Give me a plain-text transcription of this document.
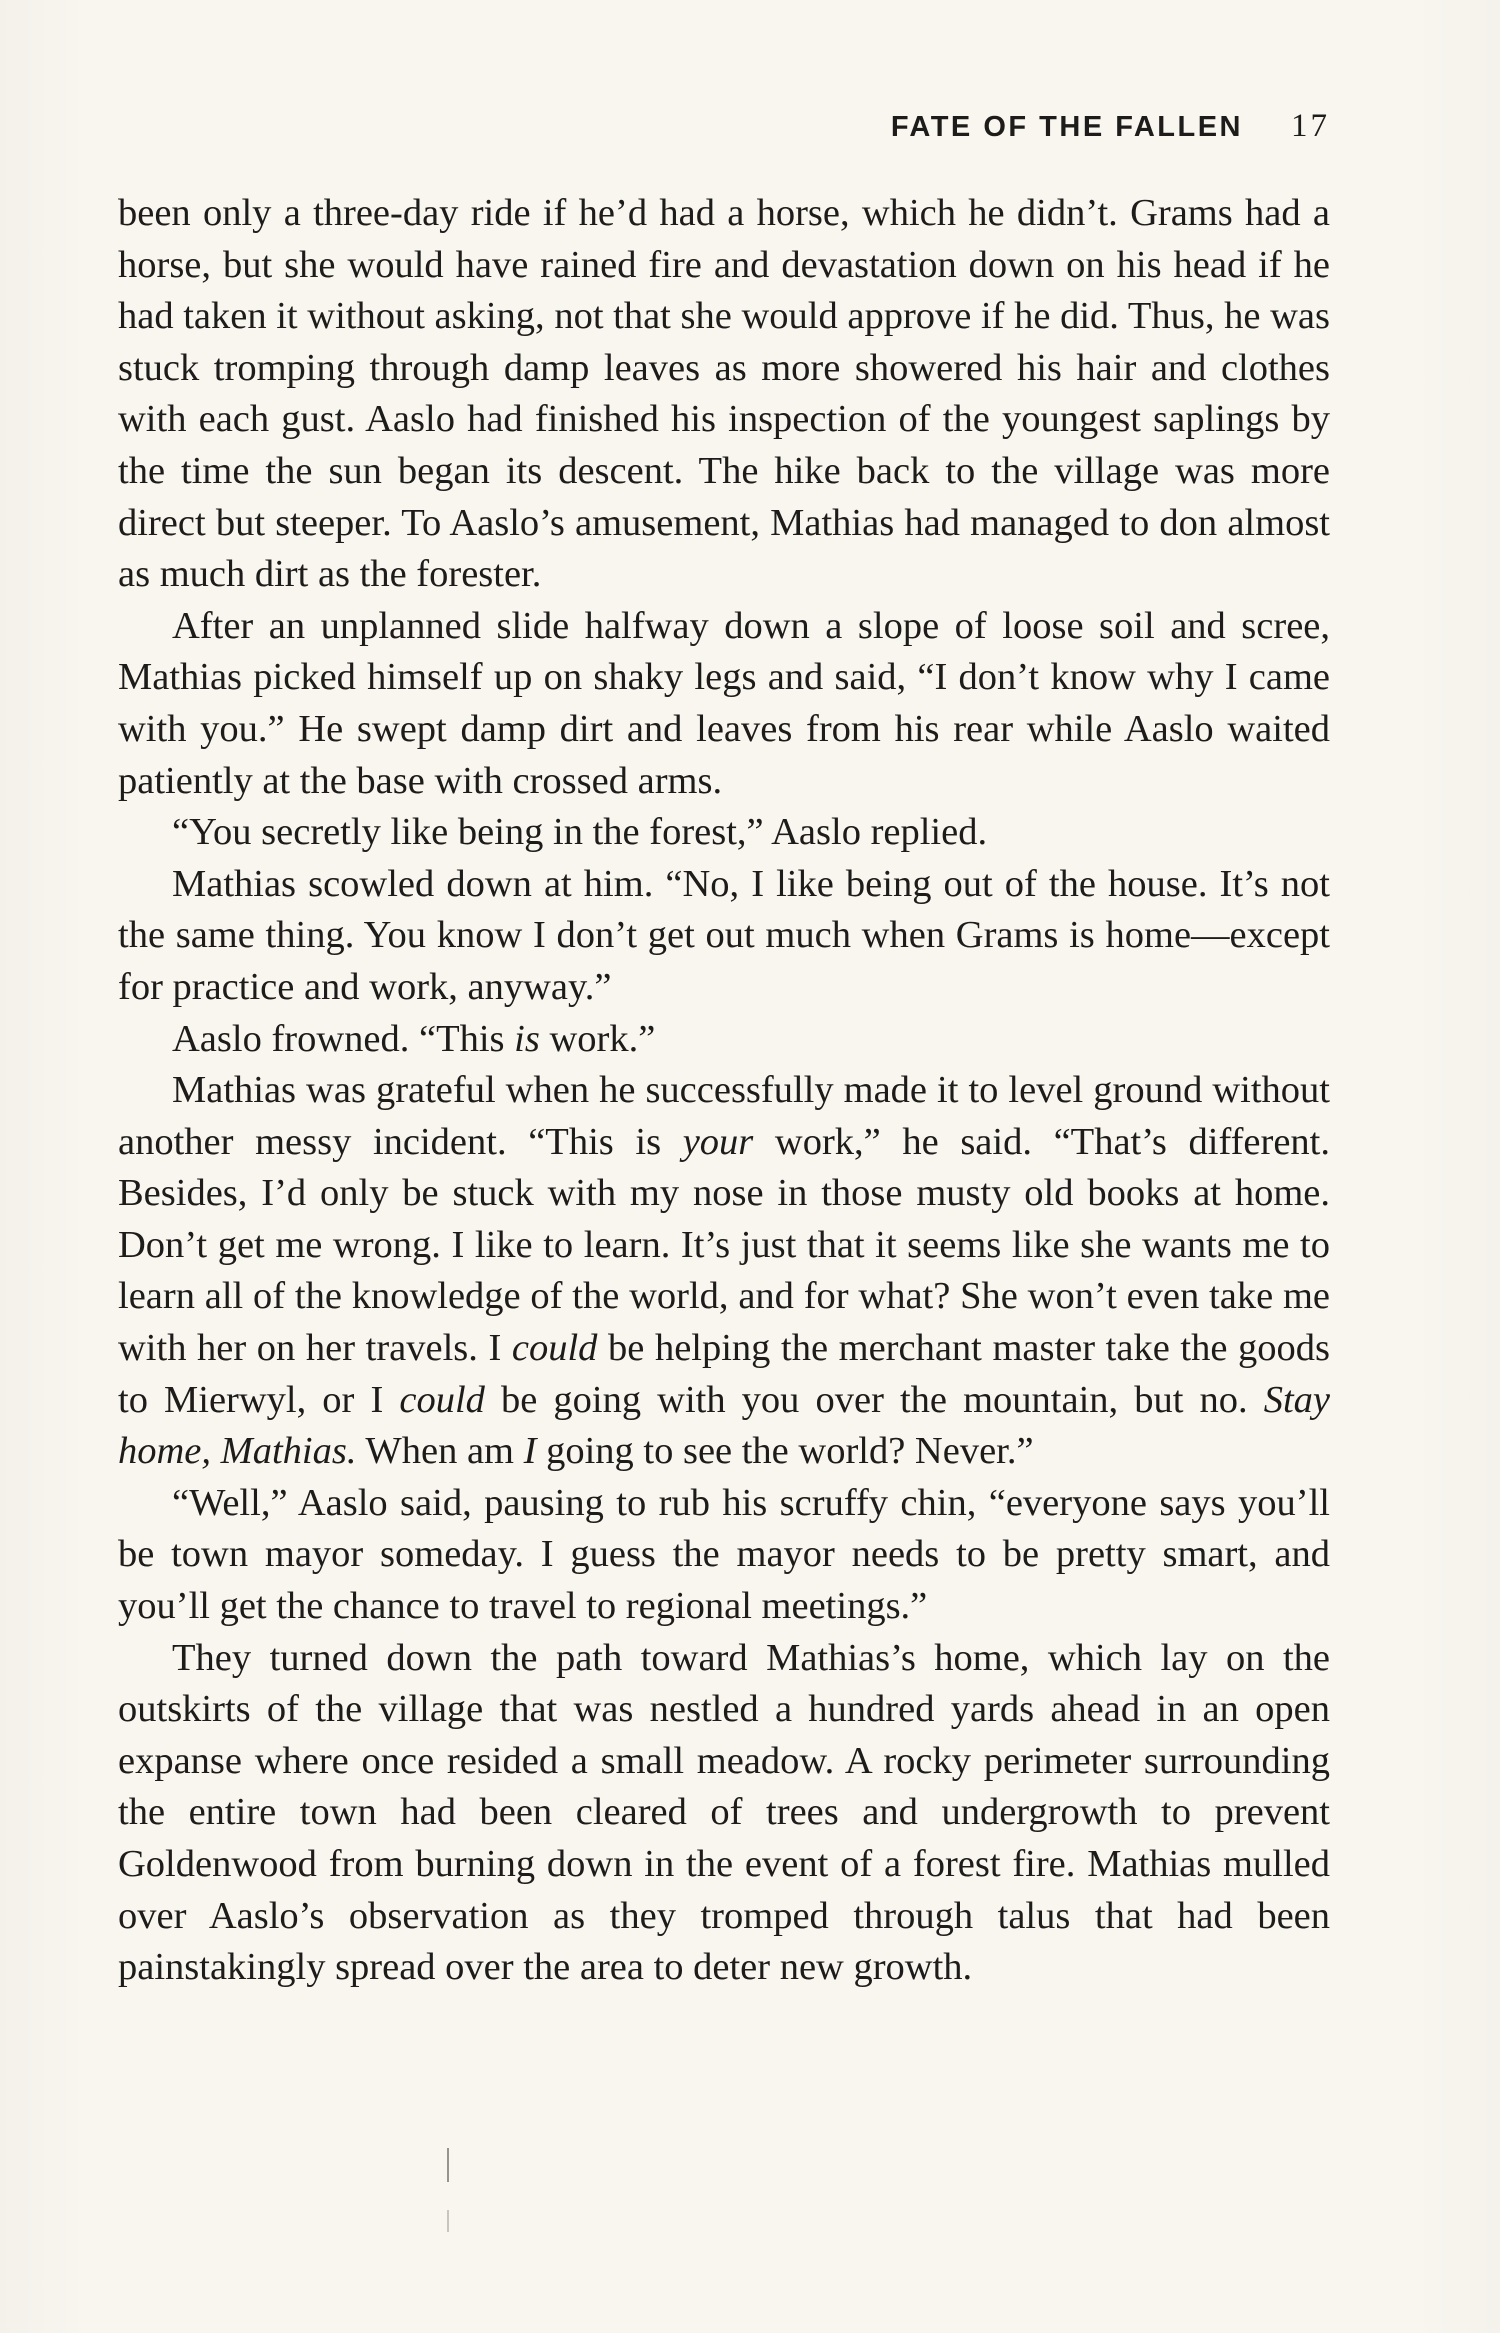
FATE OF THE FALLEN 17

been only a three-day ride if he’d had a horse, which he didn’t. Grams had a horse, but she would have rained fire and devastation down on his head if he had taken it without asking, not that she would approve if he did. Thus, he was stuck tromping through damp leaves as more showered his hair and clothes with each gust. Aaslo had finished his inspection of the youngest saplings by the time the sun began its descent. The hike back to the village was more direct but steeper. To Aaslo’s amusement, Mathias had managed to don almost as much dirt as the forester.

After an unplanned slide halfway down a slope of loose soil and scree, Mathias picked himself up on shaky legs and said, “I don’t know why I came with you.” He swept damp dirt and leaves from his rear while Aaslo waited patiently at the base with crossed arms.

“You secretly like being in the forest,” Aaslo replied.

Mathias scowled down at him. “No, I like being out of the house. It’s not the same thing. You know I don’t get out much when Grams is home—except for practice and work, anyway.”

Aaslo frowned. “This is work.”

Mathias was grateful when he successfully made it to level ground without another messy incident. “This is your work,” he said. “That’s different. Besides, I’d only be stuck with my nose in those musty old books at home. Don’t get me wrong. I like to learn. It’s just that it seems like she wants me to learn all of the knowledge of the world, and for what? She won’t even take me with her on her travels. I could be helping the merchant master take the goods to Mierwyl, or I could be going with you over the mountain, but no. Stay home, Mathias. When am I going to see the world? Never.”

“Well,” Aaslo said, pausing to rub his scruffy chin, “everyone says you’ll be town mayor someday. I guess the mayor needs to be pretty smart, and you’ll get the chance to travel to regional meetings.”

They turned down the path toward Mathias’s home, which lay on the outskirts of the village that was nestled a hundred yards ahead in an open expanse where once resided a small meadow. A rocky perimeter surrounding the entire town had been cleared of trees and undergrowth to prevent Goldenwood from burning down in the event of a forest fire. Mathias mulled over Aaslo’s observation as they tromped through talus that had been painstakingly spread over the area to deter new growth.
